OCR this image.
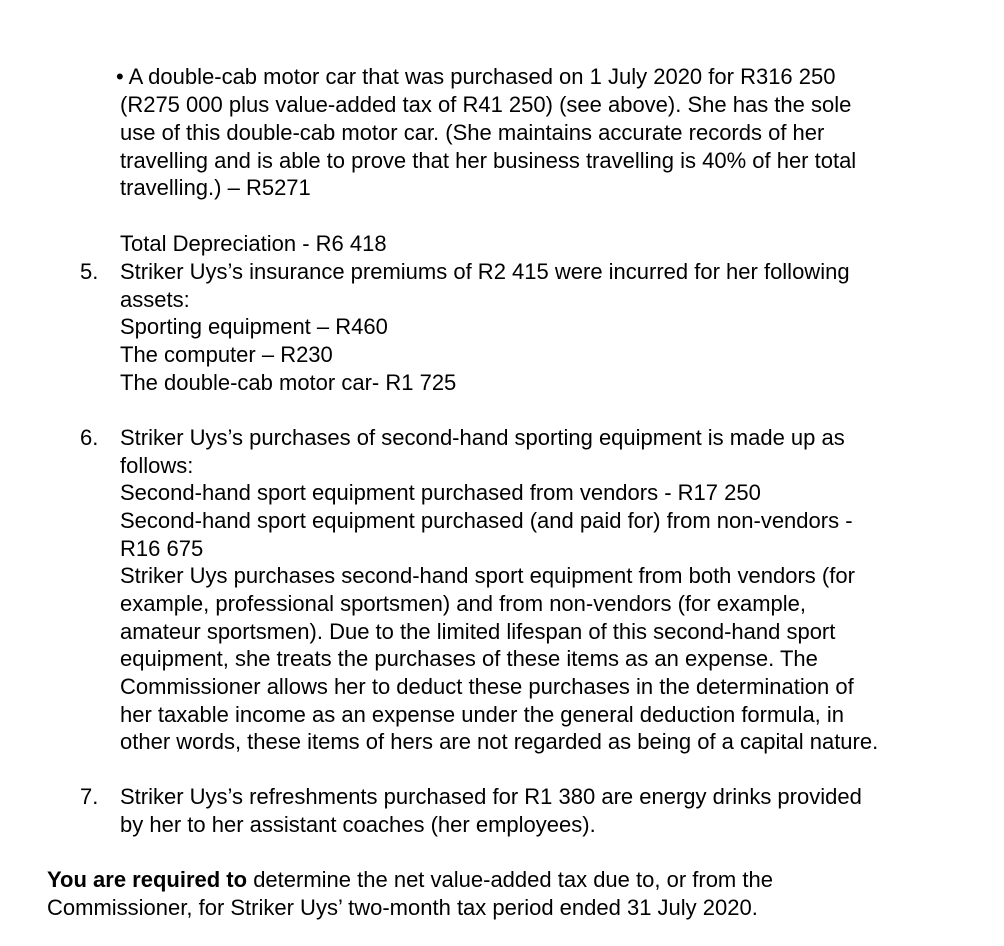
• A double-cab motor car that was purchased on 1 July 2020 for R316 250
(R275 000 plus value-added tax of R41 250) (see above). She has the sole
use of this double-cab motor car. (She maintains accurate records of her
travelling and is able to prove that her business travelling is 40% of her total
travelling.) – R5271
Total Depreciation - R6 418
5. Striker Uys’s insurance premiums of R2 415 were incurred for her following
assets:
Sporting equipment – R460
The computer – R230
The double-cab motor car- R1 725
6. Striker Uys’s purchases of second-hand sporting equipment is made up as
follows:
Second-hand sport equipment purchased from vendors - R17 250
Second-hand sport equipment purchased (and paid for) from non-vendors -
R16 675
Striker Uys purchases second-hand sport equipment from both vendors (for
example, professional sportsmen) and from non-vendors (for example,
amateur sportsmen). Due to the limited lifespan of this second-hand sport
equipment, she treats the purchases of these items as an expense. The
Commissioner allows her to deduct these purchases in the determination of
her taxable income as an expense under the general deduction formula, in
other words, these items of hers are not regarded as being of a capital nature.
7. Striker Uys’s refreshments purchased for R1 380 are energy drinks provided
by her to her assistant coaches (her employees).
You are required to determine the net value-added tax due to, or from the
Commissioner, for Striker Uys’ two-month tax period ended 31 July 2020.
